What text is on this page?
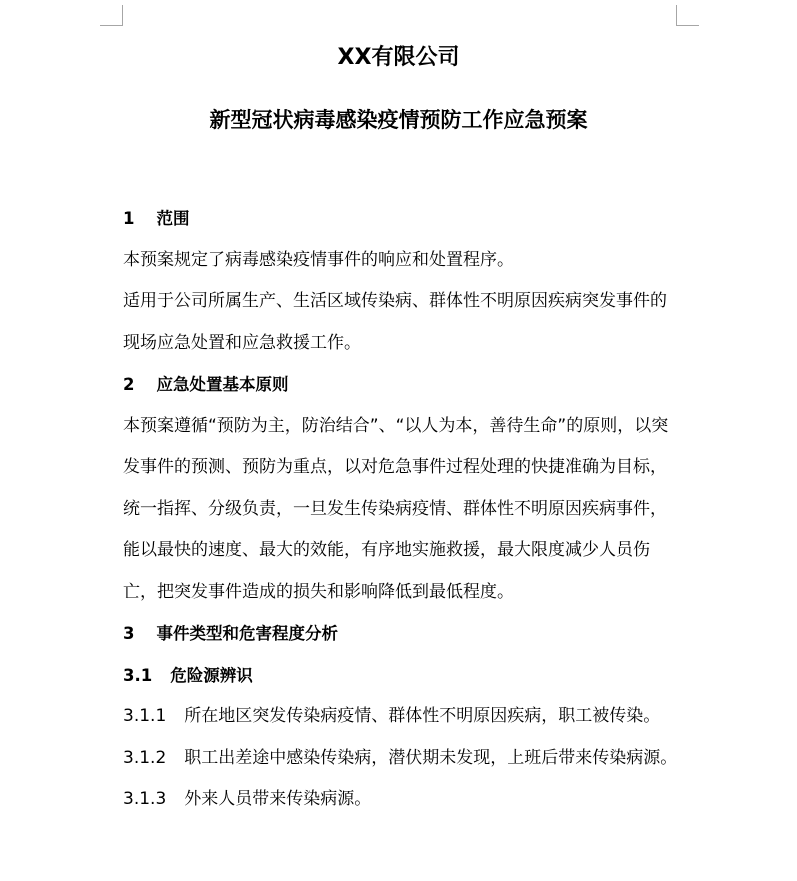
XX有限公司
新型冠状病毒感染疫情预防工作应急预案

1 范围

本预案规定了病毒感染疫情事件的响应和处置程序。

适用于公司所属生产、生活区域传染病、群体性不明原因疾病突发事件的现场应急处置和应急救援工作。

2 应急处置基本原则

本预案遵循“预防为主，防治结合”、“以人为本，善待生命”的原则，以突发事件的预测、预防为重点，以对危急事件过程处理的快捷准确为目标，统一指挥、分级负责，一旦发生传染病疫情、群体性不明原因疾病事件，能以最快的速度、最大的效能，有序地实施救援，最大限度减少人员伤亡，把突发事件造成的损失和影响降低到最低程度。

3 事件类型和危害程度分析

3.1 危险源辨识

3.1.1 所在地区突发传染病疫情、群体性不明原因疾病，职工被传染。

3.1.2 职工出差途中感染传染病，潜伏期未发现，上班后带来传染病源。

3.1.3 外来人员带来传染病源。
